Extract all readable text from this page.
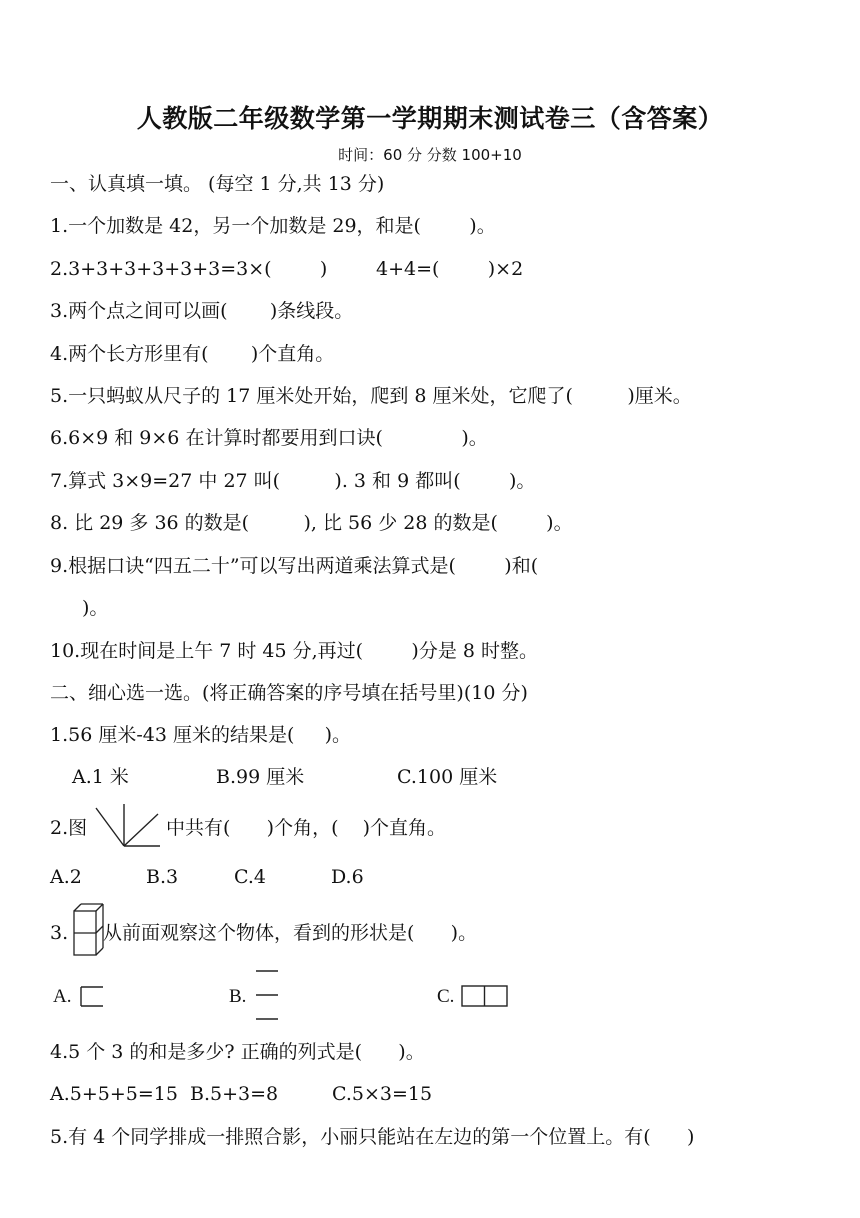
人教版二年级数学第一学期期末测试卷三（含答案）
时间：60 分 分数 100+10
一、认真填一填。 (每空 1 分,共 13 分)
1.一个加数是 42，另一个加数是 29，和是(        )。
2.3+3+3+3+3+3=3×(        )	4+4=(        )×2
3.两个点之间可以画(       )条线段。
4.两个长方形里有(       )个直角。
5.一只蚂蚁从尺子的 17 厘米处开始，爬到 8 厘米处，它爬了(         )厘米。
6.6×9 和 9×6 在计算时都要用到口诀(             )。
7.算式 3×9=27 中 27 叫(         ). 3 和 9 都叫(        )。
8. 比 29 多 36 的数是(         ), 比 56 少 28 的数是(        )。
9.根据口诀“四五二十”可以写出两道乘法算式是(        )和(
)。
10.现在时间是上午 7 时 45 分,再过(        )分是 8 时整。
二、细心选一选。(将正确答案的序号填在括号里)(10 分)
1.56 厘米-43 厘米的结果是(     )。
A.1 米	B.99 厘米	C.100 厘米
2.图	中共有(      )个角，(    )个直角。
A.2	B.3	C.4	D.6
3. 从前面观察这个物体，看到的形状是(      )。
A.	B.	C.
4.5 个 3 的和是多少? 正确的列式是(      )。
A.5+5+5=15 B.5+3=8	C.5×3=15
5.有 4 个同学排成一排照合影，小丽只能站在左边的第一个位置上。有(      )
